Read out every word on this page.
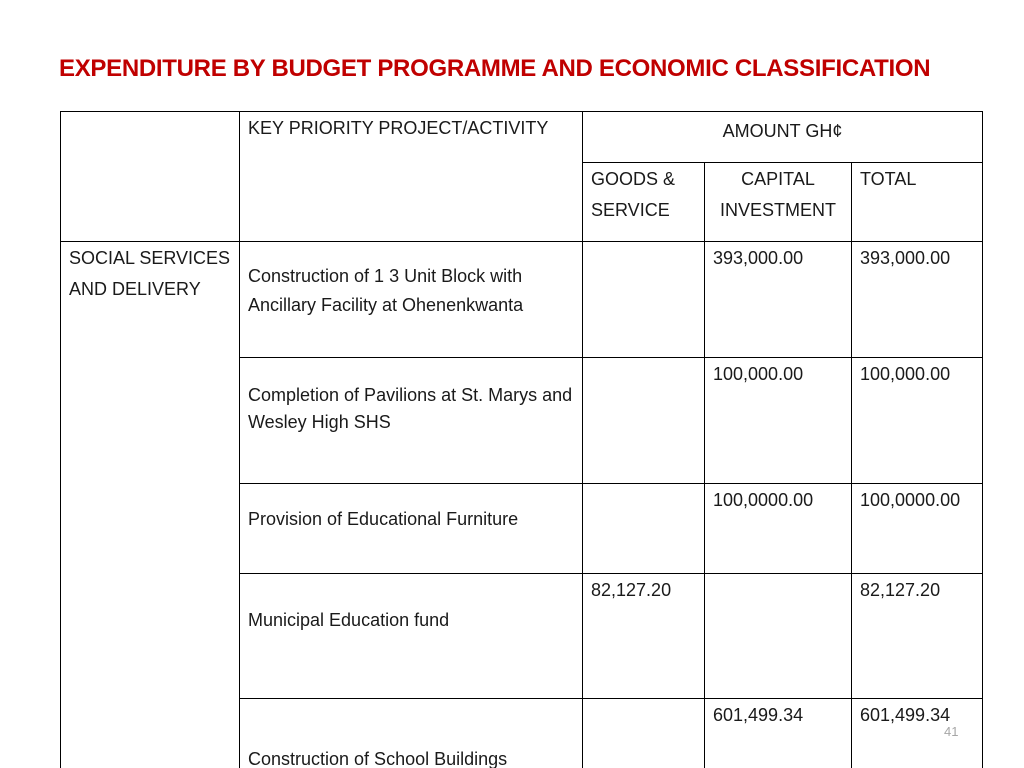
EXPENDITURE BY BUDGET PROGRAMME AND ECONOMIC CLASSIFICATION
	KEY PRIORITY PROJECT/ACTIVITY	AMOUNT GH¢		
		GOODS & SERVICE	CAPITAL INVESTMENT	TOTAL
SOCIAL SERVICES AND DELIVERY	Construction of 1 3 Unit Block with Ancillary Facility at Ohenenkwanta		393,000.00	393,000.00
	Completion of Pavilions at St. Marys and Wesley High SHS		100,000.00	100,000.00
	Provision of Educational Furniture		100,0000.00	100,0000.00
	Municipal Education fund	82,127.20		82,127.20
	Construction of School Buildings		601,499.34	601,499.34
41
